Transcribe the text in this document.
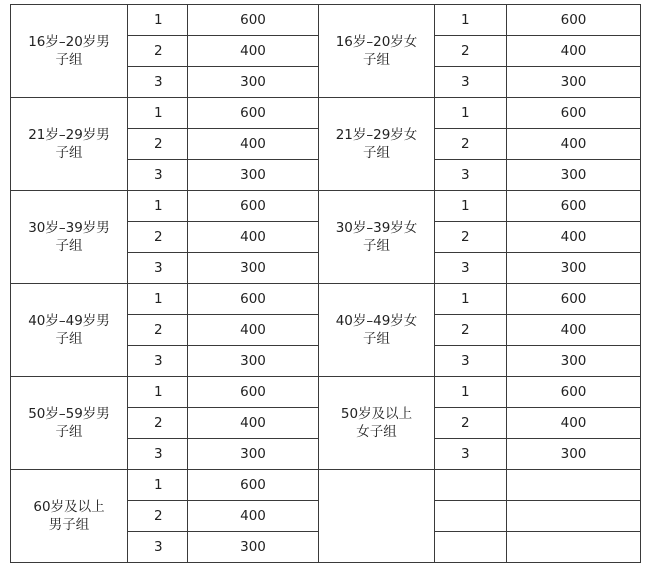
16岁–20岁男子组	1	600	16岁–20岁女子组	1	600
	2	400		2	400
	3	300		3	300
21岁–29岁男子组	1	600	21岁–29岁女子组	1	600
	2	400		2	400
	3	300		3	300
30岁–39岁男子组	1	600	30岁–39岁女子组	1	600
	2	400		2	400
	3	300		3	300
40岁–49岁男子组	1	600	40岁–49岁女子组	1	600
	2	400		2	400
	3	300		3	300
50岁–59岁男子组	1	600	50岁及以上女子组	1	600
	2	400		2	400
	3	300		3	300
60岁及以上男子组	1	600			
	2	400			
	3	300			
